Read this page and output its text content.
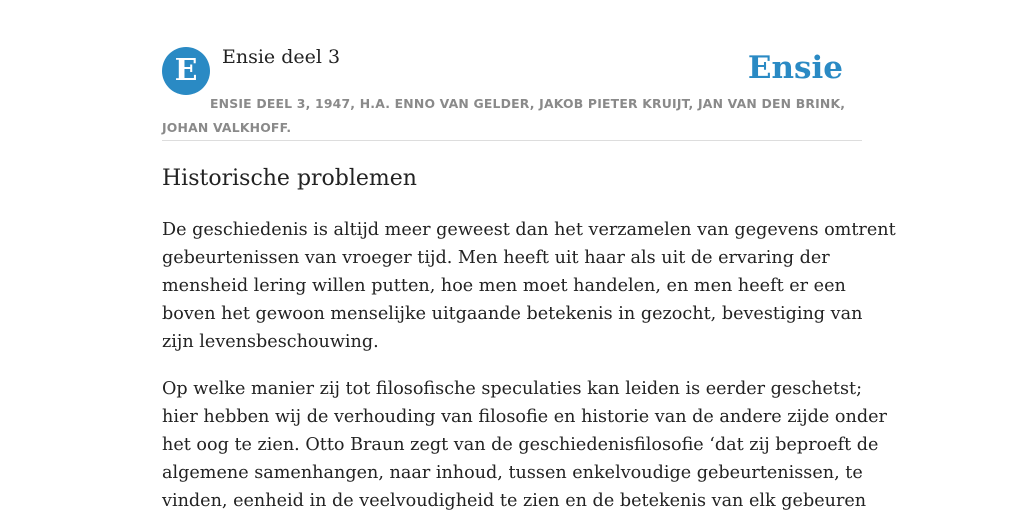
E	Ensie deel 3	Ensie
ENSIE DEEL 3, 1947, H.A. ENNO VAN GELDER, JAKOB PIETER KRUIJT, JAN VAN DEN BRINK, JOHAN VALKHOFF.
Historische problemen

De geschiedenis is altijd meer geweest dan het verzamelen van gegevens omtrent
gebeurtenissen van vroeger tijd. Men heeft uit haar als uit de ervaring der
mensheid lering willen putten, hoe men moet handelen, en men heeft er een
boven het gewoon menselijke uitgaande betekenis in gezocht, bevestiging van
zijn levensbeschouwing.

Op welke manier zij tot filosofische speculaties kan leiden is eerder geschetst;
hier hebben wij de verhouding van filosofie en historie van de andere zijde onder
het oog te zien. Otto Braun zegt van de geschiedenisfilosofie ‘dat zij beproeft de
algemene samenhangen, naar inhoud, tussen enkelvoudige gebeurtenissen, te
vinden, eenheid in de veelvoudigheid te zien en de betekenis van elk gebeuren
